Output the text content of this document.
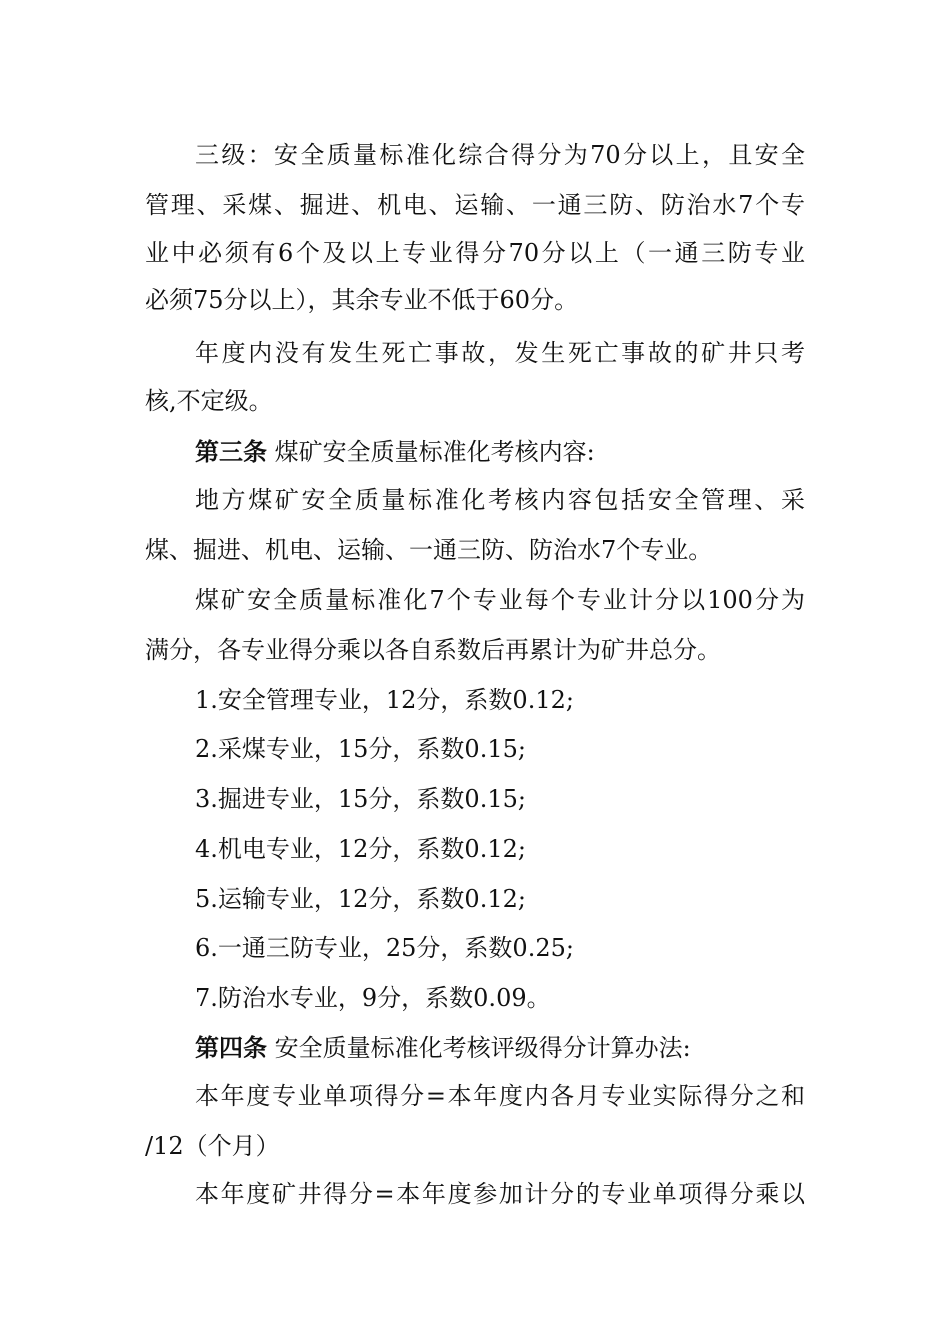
三级：安全质量标准化综合得分为70分以上，且安全
管理、采煤、掘进、机电、运输、一通三防、防治水7个专
业中必须有6个及以上专业得分70分以上（一通三防专业
必须75分以上），其余专业不低于60分。
年度内没有发生死亡事故，发生死亡事故的矿井只考
核,不定级。
第三条 煤矿安全质量标准化考核内容:
地方煤矿安全质量标准化考核内容包括安全管理、采
煤、掘进、机电、运输、一通三防、防治水7个专业。
煤矿安全质量标准化7个专业每个专业计分以100分为
满分，各专业得分乘以各自系数后再累计为矿井总分。
1.安全管理专业，12分，系数0.12;
2.采煤专业，15分，系数0.15;
3.掘进专业，15分，系数0.15;
4.机电专业，12分，系数0.12;
5.运输专业，12分，系数0.12;
6.一通三防专业，25分，系数0.25;
7.防治水专业，9分，系数0.09。
第四条 安全质量标准化考核评级得分计算办法:
本年度专业单项得分=本年度内各月专业实际得分之和
/12（个月）
本年度矿井得分=本年度参加计分的专业单项得分乘以
